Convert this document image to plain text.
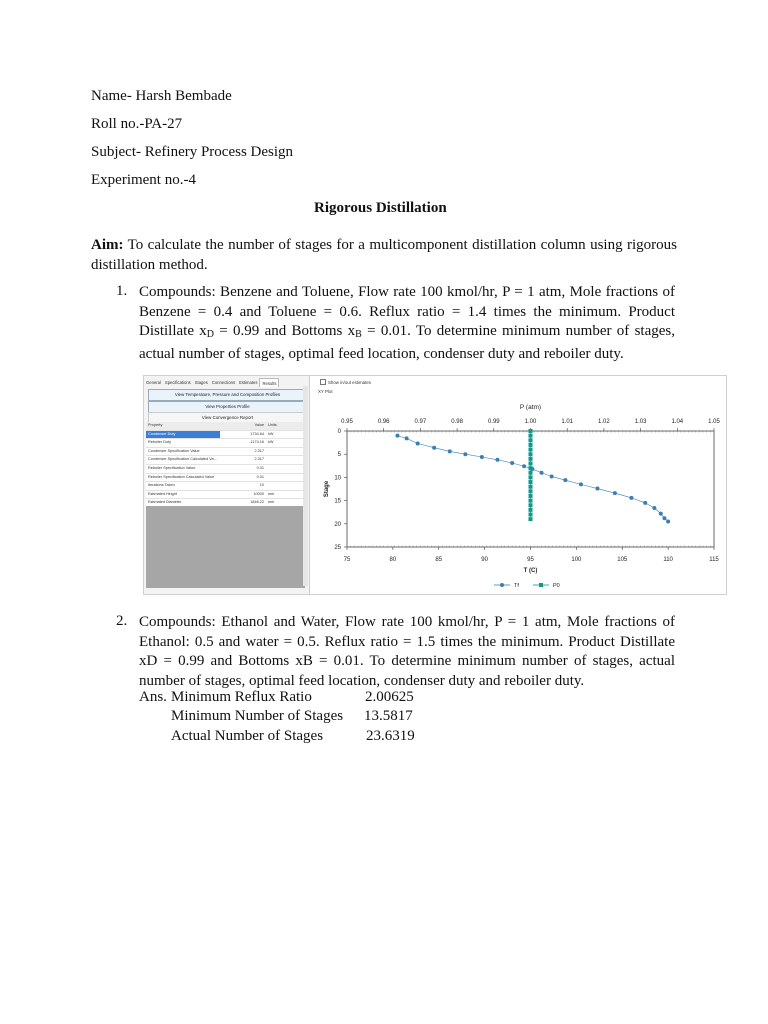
Name- Harsh Bembade
Roll no.-PA-27
Subject- Refinery Process Design
Experiment no.-4
Rigorous Distillation
Aim: To calculate the number of stages for a multicomponent distillation column using rigorous distillation method.
1. Compounds: Benzene and Toluene, Flow rate 100 kmol/hr, P = 1 atm, Mole fractions of Benzene = 0.4 and Toluene = 0.6. Reflux ratio = 1.4 times the minimum. Product Distillate $x_D = 0.99$ and Bottoms $x_B = 0.01$. To determine minimum number of stages, actual number of stages, optimal feed location, condenser duty and reboiler duty.
General Specifications Stages Connections Estimates	Results
View Temperature, Pressure and Composition Profiles
View Properties Profile
View Convergence Report
Property	Value	Units
Condenser Duty	1734.64	kW
Reboiler Duty	-1174.16	kW
Condenser Specification Value	2.317
Condenser Specification Calculated Va...	2.317
Reboiler Specification Value	0.01
Reboiler Specification Calculated Value	0.01
Iterations Taken	10
Estimated Height	10000	mm
Estimated Diameter	1846.22	mm
Show in/out estimates
XY Plot
P (atm)
0.95	0.96	0.97	0.98	0.99	1.00	1.01	1.02	1.03	1.04	1.05
75	80	85	90	95	100	105	110	115
T (C)
0
5
10
15
20
25
Stage
Tf	P0
2. Compounds: Ethanol and Water, Flow rate 100 kmol/hr, P = 1 atm, Mole fractions of Ethanol: 0.5 and water = 0.5. Reflux ratio = 1.5 times the minimum. Product Distillate xD = 0.99 and Bottoms xB = 0.01. To determine minimum number of stages, actual number of stages, optimal feed location, condenser duty and reboiler duty.
Ans. Minimum Reflux Ratio	2.00625
Minimum Number of Stages 13.5817
Actual Number of Stages	23.6319
